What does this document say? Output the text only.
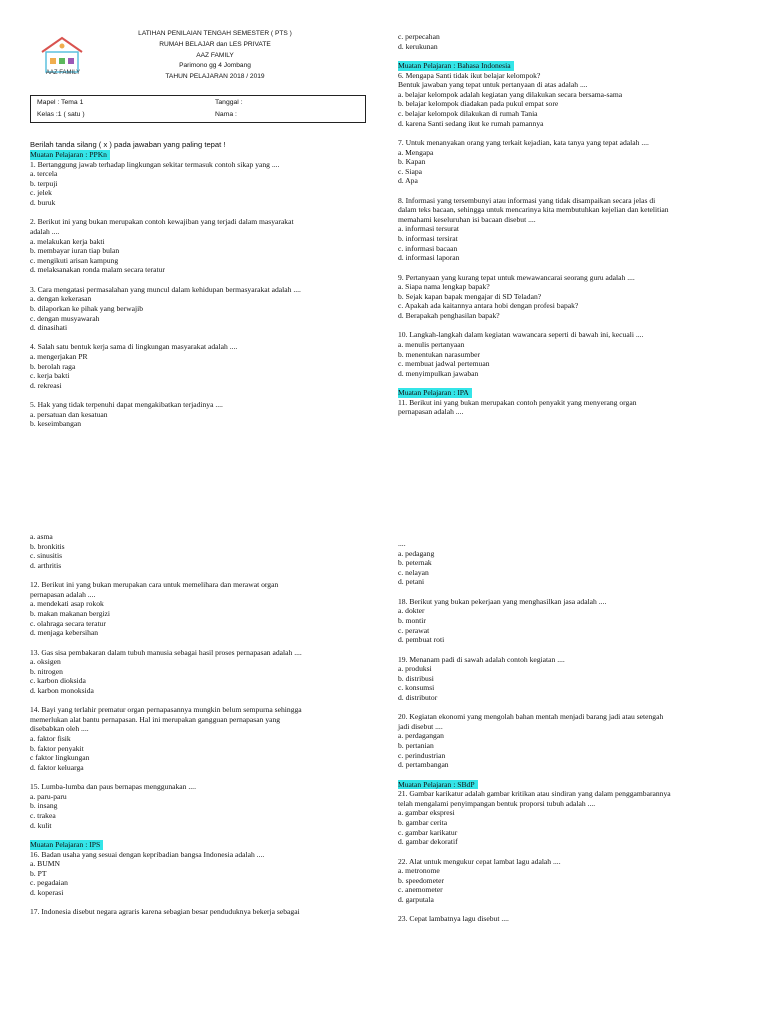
AAZ FAMILY
LATIHAN PENILAIAN TENGAH SEMESTER ( PTS )
RUMAH BELAJAR dan LES PRIVATE
AAZ FAMILY
Parimono gg 4 Jombang
TAHUN PELAJARAN 2018 / 2019
Mapel : Tema 1
Kelas :1 ( satu )
Tanggal :
Nama :
Berilah tanda silang ( x ) pada jawaban yang paling tepat !
Muatan Pelajaran : PPKn
1. Bertanggung jawab terhadap lingkungan sekitar termasuk contoh sikap yang ....
a. tercela
b. terpuji
c. jelek
d. buruk
2. Berikut ini yang bukan merupakan contoh kewajiban yang terjadi dalam masyarakat
adalah ....
a. melakukan kerja bakti
b. membayar iuran tiap bulan
c. mengikuti arisan kampung
d. melaksanakan ronda malam secara teratur
3. Cara mengatasi permasalahan yang muncul dalam kehidupan bermasyarakat adalah ....
a. dengan kekerasan
b. dilaporkan ke pihak yang berwajib
c. dengan musyawarah
d. dinasihati
4. Salah satu bentuk kerja sama di lingkungan masyarakat adalah ....
a. mengerjakan PR
b. berolah raga
c. kerja bakti
d. rekreasi
5. Hak yang tidak terpenuhi dapat mengakibatkan terjadinya ....
a. persatuan dan kesatuan
b. keseimbangan
c. perpecahan
d. kerukunan
Muatan Pelajaran : Bahasa Indonesia
6. Mengapa Santi tidak ikut belajar kelompok?
Bentuk jawaban yang tepat untuk pertanyaan di atas adalah ....
a. belajar kelompok adalah kegiatan yang dilakukan secara bersama-sama
b. belajar kelompok diadakan pada pukul empat sore
c. belajar kelompok dilakukan di rumah Tania
d. karena Santi sedang ikut ke rumah pamannya
7. Untuk menanyakan orang yang terkait kejadian, kata tanya yang tepat adalah ....
a. Mengapa
b. Kapan
c. Siapa
d. Apa
8. Informasi yang tersembunyi atau informasi yang tidak disampaikan secara jelas di
dalam teks bacaan, sehingga untuk mencarinya kita membutuhkan kejelian dan ketelitian
memahami keseluruhan isi bacaan disebut ....
a. informasi tersurat
b. informasi tersirat
c. informasi bacaan
d. informasi laporan
9. Pertanyaan yang kurang tepat untuk mewawancarai seorang guru adalah ....
a. Siapa nama lengkap bapak?
b. Sejak kapan bapak mengajar di SD Teladan?
c. Apakah ada kaitannya antara hobi dengan profesi bapak?
d. Berapakah penghasilan bapak?
10. Langkah-langkah dalam kegiatan wawancara seperti di bawah ini, kecuali ....
a. menulis pertanyaan
b. menentukan narasumber
c. membuat jadwal pertemuan
d. menyimpulkan jawaban
Muatan Pelajaran : IPA
11. Berikut ini yang bukan merupakan contoh penyakit yang menyerang organ
pernapasan adalah ....
a. asma
b. bronkitis
c. sinusitis
d. arthritis
12. Berikut ini yang bukan merupakan cara untuk memelihara dan merawat organ
pernapasan adalah ....
a. mendekati asap rokok
b. makan makanan bergizi
c. olahraga secara teratur
d. menjaga kebersihan
13. Gas sisa pembakaran dalam tubuh manusia sebagai hasil proses pernapasan adalah ....
a. oksigen
b. nitrogen
c. karbon dioksida
d. karbon monoksida
14. Bayi yang terlahir prematur organ pernapasannya mungkin belum sempurna sehingga
memerlukan alat bantu pernapasan. Hal ini merupakan gangguan pernapasan yang
disebabkan oleh ....
a. faktor fisik
b. faktor penyakit
c faktor lingkungan
d. faktor keluarga
15. Lumba-lumba dan paus bernapas menggunakan ....
a. paru-paru
b. insang
c. trakea
d. kulit
Muatan Pelajaran : IPS
16. Badan usaha yang sesuai dengan kepribadian bangsa Indonesia adalah ....
a. BUMN
b. PT
c. pegadaian
d. koperasi
17. Indonesia disebut negara agraris karena sebagian besar penduduknya bekerja sebagai
....
a. pedagang
b. peternak
c. nelayan
d. petani
18. Berikut yang bukan pekerjaan yang menghasilkan jasa adalah ....
a. dokter
b. montir
c. perawat
d. pembuat roti
19. Menanam padi di sawah adalah contoh kegiatan ....
a. produksi
b. distribusi
c. konsumsi
d. distributor
20. Kegiatan ekonomi yang mengolah bahan mentah menjadi barang jadi atau setengah
jadi disebut ....
a. perdagangan
b. pertanian
c. perindustrian
d. pertambangan
Muatan Pelajaran : SBdP
21. Gambar karikatur adalah gambar kritikan atau sindiran yang dalam penggambarannya
telah mengalami penyimpangan bentuk proporsi tubuh adalah ....
a. gambar ekspresi
b. gambar cerita
c. gambar karikatur
d. gambar dekoratif
22. Alat untuk mengukur cepat lambat lagu adalah ....
a. metronome
b. speedometer
c. anemometer
d. garputala
23. Cepat lambatnya lagu disebut ....
